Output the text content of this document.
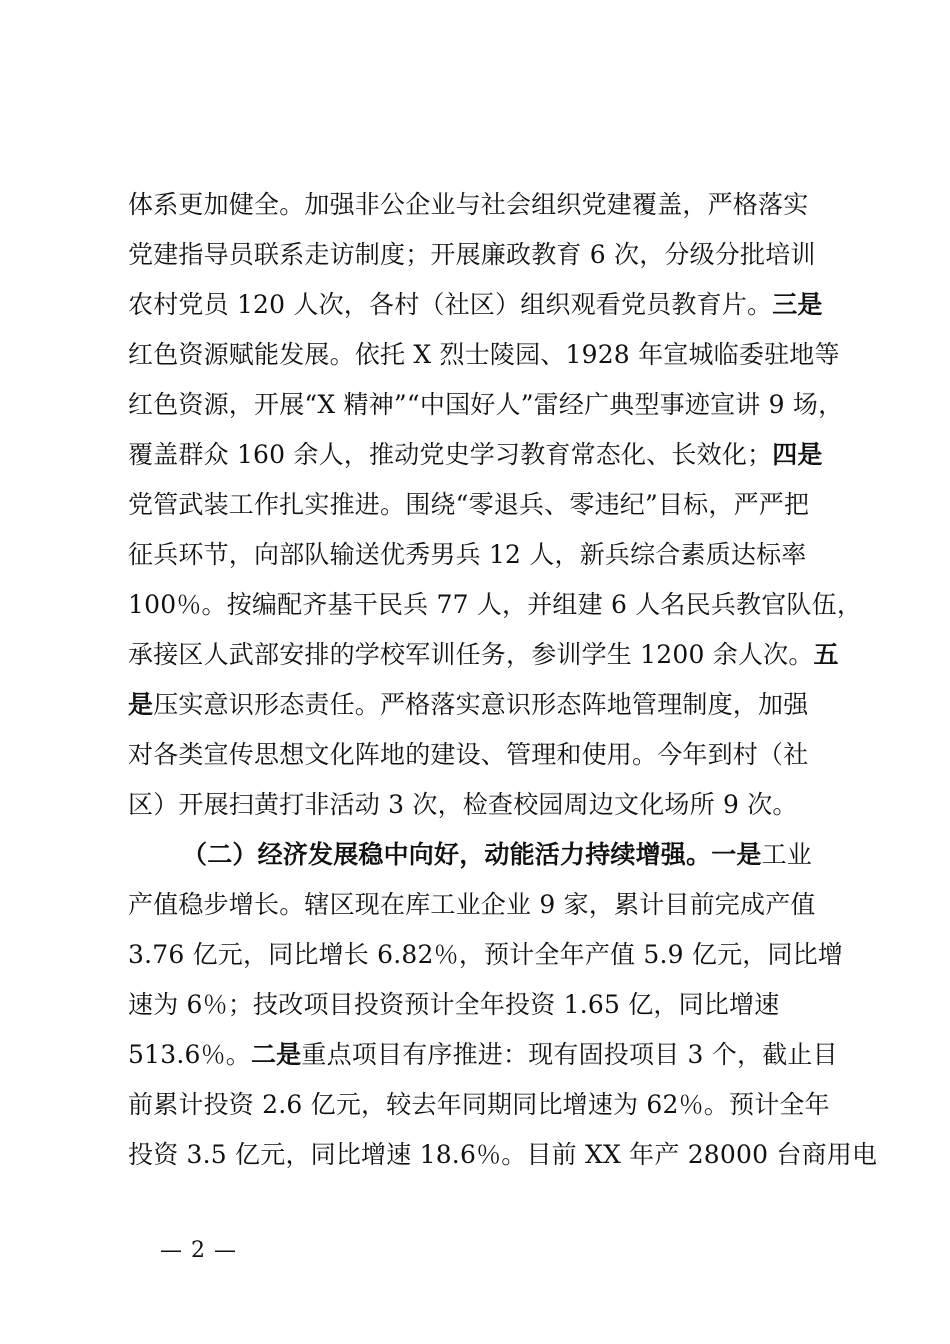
体系更加健全。加强非公企业与社会组织党建覆盖，严格落实
党建指导员联系走访制度；开展廉政教育 6 次，分级分批培训
农村党员 120 人次，各村（社区）组织观看党员教育片。三是
红色资源赋能发展。依托 X 烈士陵园、1928 年宣城临委驻地等
红色资源，开展“X 精神”“中国好人”雷经广典型事迹宣讲 9 场，
覆盖群众 160 余人，推动党史学习教育常态化、长效化；四是
党管武装工作扎实推进。围绕“零退兵、零违纪”目标，严严把
征兵环节，向部队输送优秀男兵 12 人，新兵综合素质达标率
100％。按编配齐基干民兵 77 人，并组建 6 人名民兵教官队伍，
承接区人武部安排的学校军训任务，参训学生 1200 余人次。五
是压实意识形态责任。严格落实意识形态阵地管理制度，加强
对各类宣传思想文化阵地的建设、管理和使用。今年到村（社
区）开展扫黄打非活动 3 次，检查校园周边文化场所 9 次。
（二）经济发展稳中向好，动能活力持续增强。一是工业
产值稳步增长。辖区现在库工业企业 9 家，累计目前完成产值
3.76 亿元，同比增长 6.82％，预计全年产值 5.9 亿元，同比增
速为 6％；技改项目投资预计全年投资 1.65 亿，同比增速
513.6％。二是重点项目有序推进：现有固投项目 3 个，截止目
前累计投资 2.6 亿元，较去年同期同比增速为 62％。预计全年
投资 3.5 亿元，同比增速 18.6％。目前 XX 年产 28000 台商用电
— 2 —
